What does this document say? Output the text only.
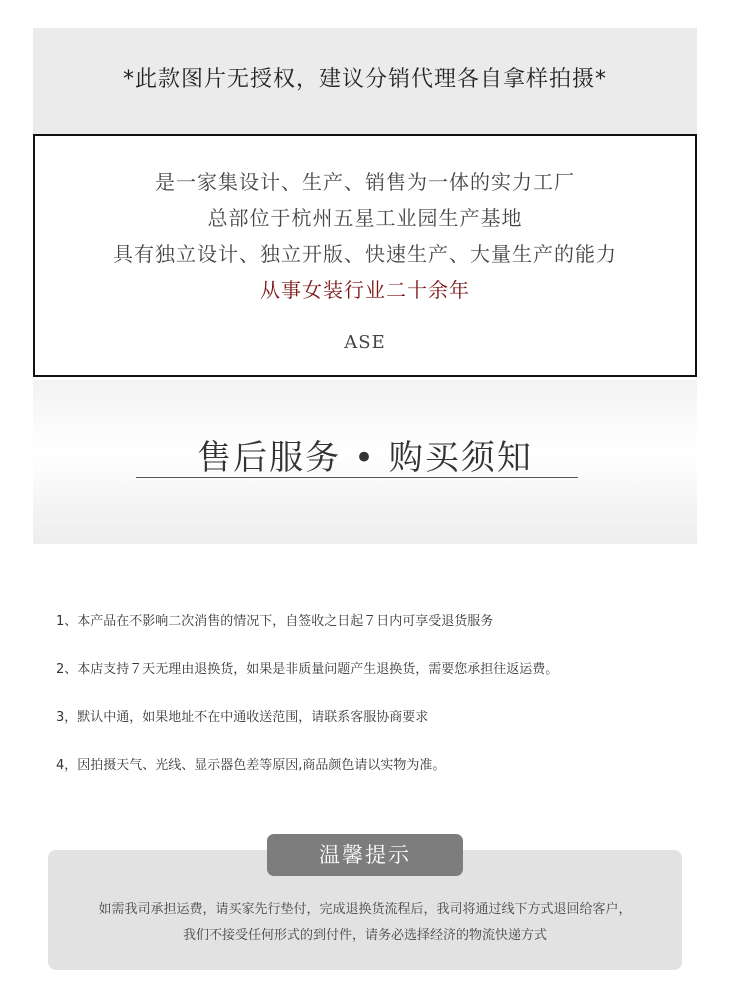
*此款图片无授权，建议分销代理各自拿样拍摄*
是一家集设计、生产、销售为一体的实力工厂
总部位于杭州五星工业园生产基地
具有独立设计、独立开版、快速生产、大量生产的能力
从事女装行业二十余年
ASE
售后服务 • 购买须知
1、本产品在不影响二次消售的情况下，自签收之日起７日内可享受退货服务
2、本店支持７天无理由退换货，如果是非质量问题产生退换货，需要您承担往返运费。
3，默认中通，如果地址不在中通收送范围，请联系客服协商要求
4，因拍摄天气、光线、显示器色差等原因,商品颜色请以实物为准。
如需我司承担运费，请买家先行垫付，完成退换货流程后，我司将通过线下方式退回给客户，
我们不接受任何形式的到付件，请务必选择经济的物流快递方式
温馨提示
